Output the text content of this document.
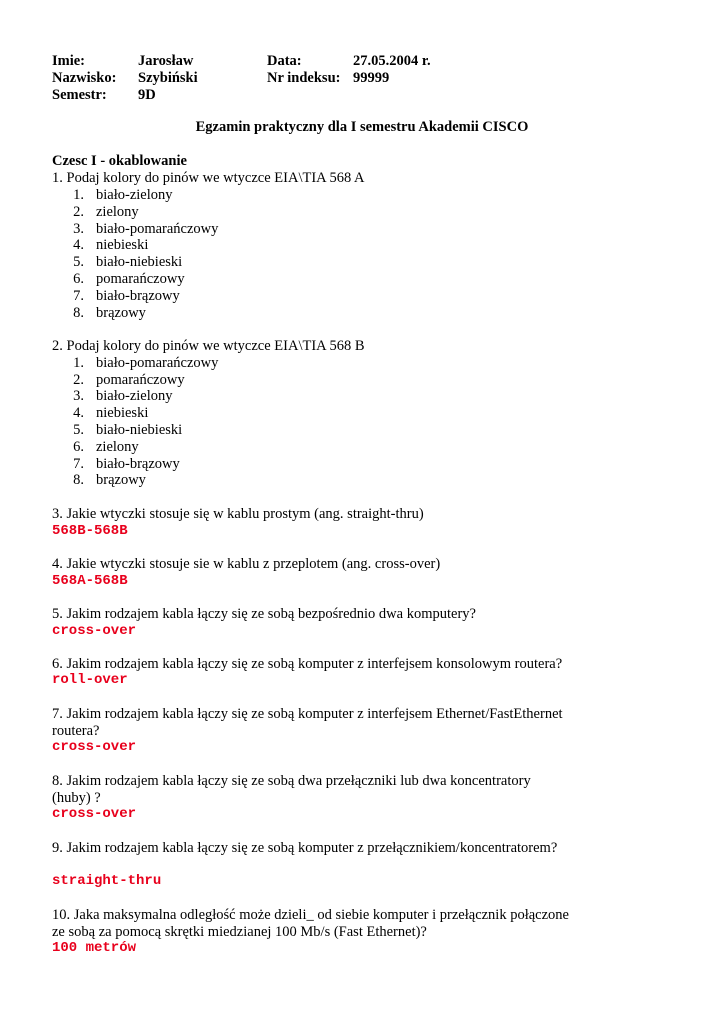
Imie:	Jarosław	Data:	27.05.2004 r.
Nazwisko: Szybiński	Nr indeksu: 99999
Semestr: 9D
Egzamin praktyczny dla I semestru Akademii CISCO
Czesc I - okablowanie
1. Podaj kolory do pinów we wtyczce EIA\TIA 568 A
1. biało-zielony
2. zielony
3. biało-pomarańczowy
4. niebieski
5. biało-niebieski
6. pomarańczowy
7. biało-brązowy
8. brązowy
2. Podaj kolory do pinów we wtyczce EIA\TIA 568 B
1. biało-pomarańczowy
2. pomarańczowy
3. biało-zielony
4. niebieski
5. biało-niebieski
6. zielony
7. biało-brązowy
8. brązowy
3. Jakie wtyczki stosuje się w kablu prostym (ang. straight-thru)
568B-568B
4. Jakie wtyczki stosuje sie w kablu z przeplotem (ang. cross-over)
568A-568B
5. Jakim rodzajem kabla łączy się ze sobą bezpośrednio dwa komputery?
cross-over
6. Jakim rodzajem kabla łączy się ze sobą komputer z interfejsem konsolowym routera?
roll-over
7. Jakim rodzajem kabla łączy się ze sobą komputer z interfejsem Ethernet/FastEthernet
routera?
cross-over
8. Jakim rodzajem kabla łączy się ze sobą dwa przełączniki lub dwa koncentratory
(huby) ?
cross-over
9. Jakim rodzajem kabla łączy się ze sobą komputer z przełącznikiem/koncentratorem?
straight-thru
10. Jaka maksymalna odległość może dzieli_ od siebie komputer i przełącznik połączone
ze sobą za pomocą skrętki miedzianej 100 Mb/s (Fast Ethernet)?
100 metrów
